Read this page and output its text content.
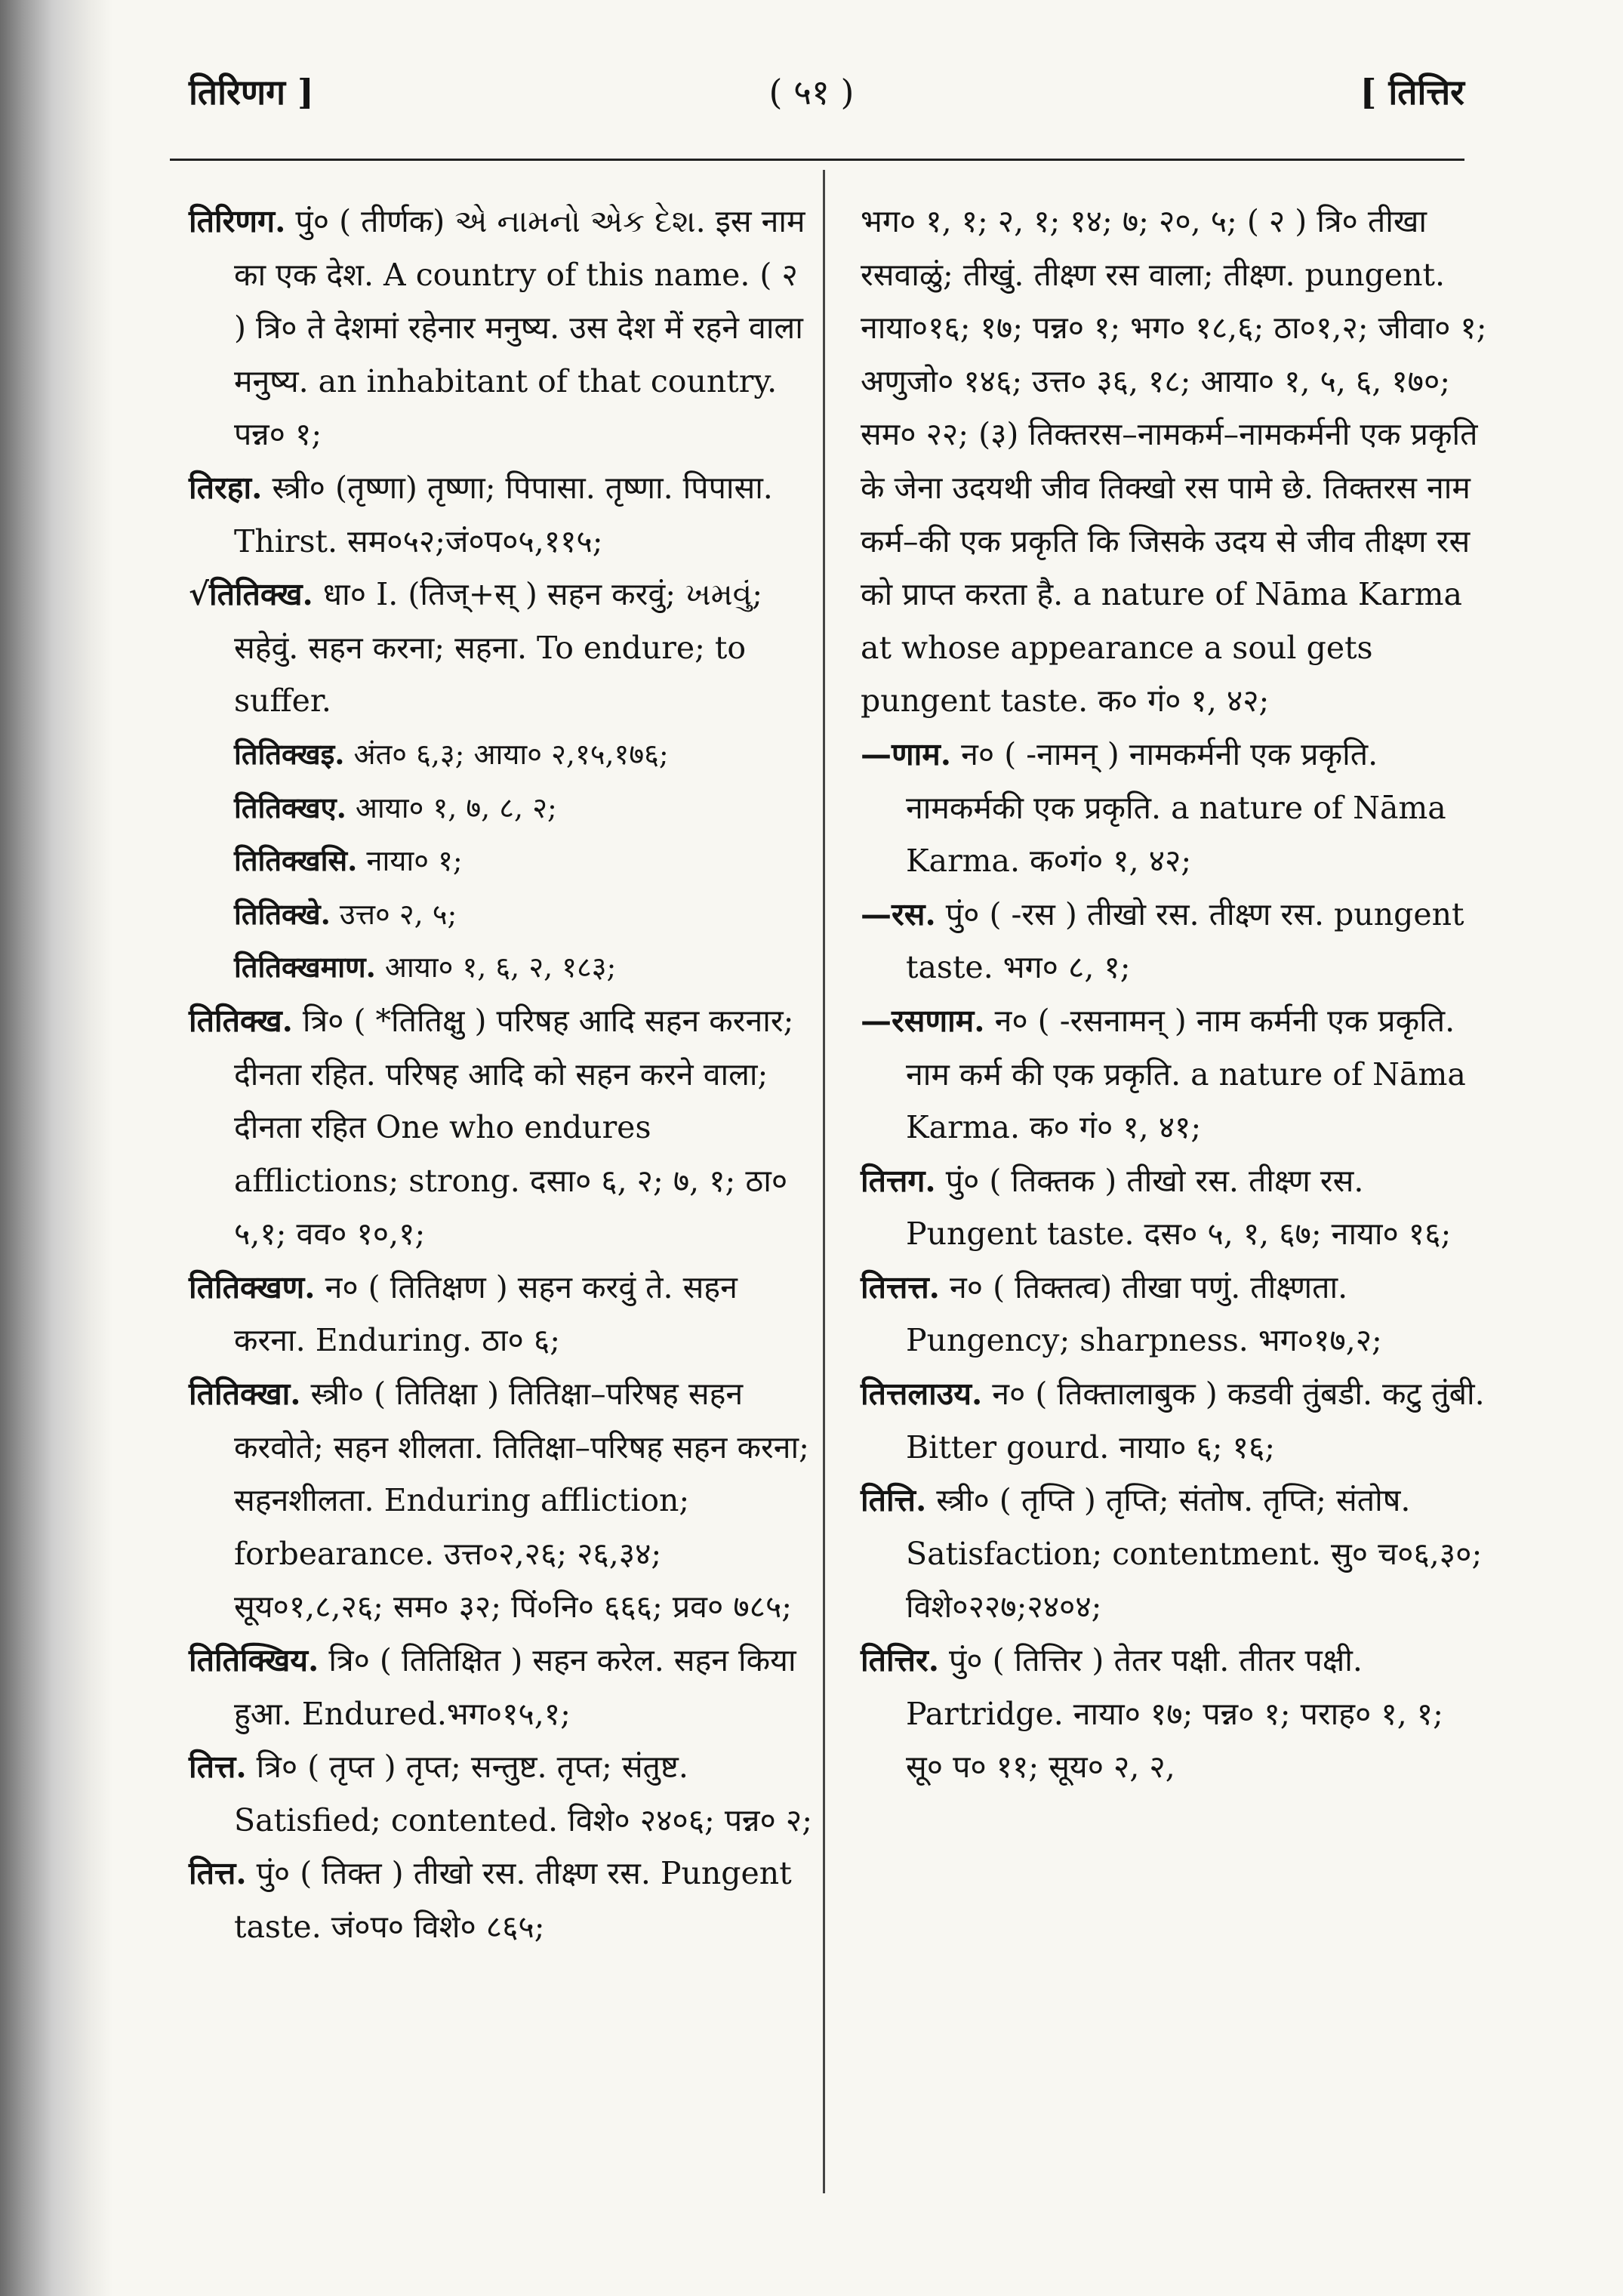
तिरिणग ]	( ५१ )	[ तित्तिर

तिरिणग. पुं० ( तीर्णक) એ નામનો એક દેશ. इस नाम का एक देश. A country of this name. ( २ ) त्रि० ते देशमां रहेनार मनुष्य. उस देश में रहने वाला मनुष्य. an inhabitant of that country. पन्न० १;

तिरहा. स्त्री० (तृष्णा) तृष्णा; पिपासा. तृष्णा. पिपासा. Thirst. सम०५२;जं०प०५,११५;

√तितिक्ख. धा० I. (तिज्+स् ) सहन करवुं; ખમવું; सहेवुं. सहन करना; सहना. To endure; to suffer.

तितिक्खइ. अंत० ६,३; आया० २,१५,१७६;

तितिक्खए. आया० १, ७, ८, २;

तितिक्खसि. नाया० १;

तितिक्खे. उत्त० २, ५;

तितिक्खमाण. आया० १, ६, २, १८३;

तितिक्ख. त्रि० ( *तितिक्षु ) परिषह आदि सहन करनार; दीनता रहित. परिषह आदि को सहन करने वाला; दीनता रहित One who endures afflictions; strong. दसा० ६, २; ७, १; ठा० ५,१; वव० १०,१;

तितिक्खण. न० ( तितिक्षण ) सहन करवुं ते. सहन करना. Enduring. ठा० ६;

तितिक्खा. स्त्री० ( तितिक्षा ) तितिक्षा–परिषह सहन करवोते; सहन शीलता. तितिक्षा–परिषह सहन करना; सहनशीलता. Enduring affliction; forbearance. उत्त०२,२६; २६,३४; सूय०१,८,२६; सम० ३२; पिं०नि० ६६६; प्रव० ७८५;

तितिक्खिय. त्रि० ( तितिक्षित ) सहन करेल. सहन किया हुआ. Endured.भग०१५,१;

तित्त. त्रि० ( तृप्त ) तृप्त; सन्तुष्ट. तृप्त; संतुष्ट. Satisfied; contented. विशे० २४०६; पन्न० २;

तित्त. पुं० ( तिक्त ) तीखो रस. तीक्ष्ण रस. Pungent taste. जं०प० विशे० ८६५;

भग० १, १; २, १; १४; ७; २०, ५; ( २ ) त्रि० तीखा रसवाळुं; तीखुं. तीक्ष्ण रस वाला; तीक्ष्ण. pungent. नाया०१६; १७; पन्न० १; भग० १८,६; ठा०१,२; जीवा० १; अणुजो० १४६; उत्त० ३६, १८; आया० १, ५, ६, १७०; सम० २२; (३) तिक्तरस–नामकर्म–नामकर्मनी एक प्रकृति के जेना उदयथी जीव तिक्खो रस पामे छे. तिक्तरस नाम कर्म–की एक प्रकृति कि जिसके उदय से जीव तीक्ष्ण रस को प्राप्त करता है. a nature of Nāma Karma at whose appearance a soul gets pungent taste. क० गं० १, ४२;

—णाम. न० ( -नामन् ) नामकर्मनी एक प्रकृति. नामकर्मकी एक प्रकृति. a nature of Nāma Karma. क०गं० १, ४२;

—रस. पुं० ( -रस ) तीखो रस. तीक्ष्ण रस. pungent taste. भग० ८, १;

—रसणाम. न० ( -रसनामन् ) नाम कर्मनी एक प्रकृति. नाम कर्म की एक प्रकृति. a nature of Nāma Karma. क० गं० १, ४१;

तित्तग. पुं० ( तिक्तक ) तीखो रस. तीक्ष्ण रस. Pungent taste. दस० ५, १, ६७; नाया० १६;

तित्तत्त. न० ( तिक्तत्व) तीखा पणुं. तीक्ष्णता. Pungency; sharpness. भग०१७,२;

तित्तलाउय. न० ( तिक्तालाबुक ) कडवी तुंबडी. कटु तुंबी. Bitter gourd. नाया० ६; १६;

तित्ति. स्त्री० ( तृप्ति ) तृप्ति; संतोष. तृप्ति; संतोष. Satisfaction; contentment. सु० च०६,३०; विशे०२२७;२४०४;

तित्तिर. पुं० ( तित्तिर ) तेतर पक्षी. तीतर पक्षी. Partridge. नाया० १७; पन्न० १; पराह० १, १; सू० प० ११; सूय० २, २,
